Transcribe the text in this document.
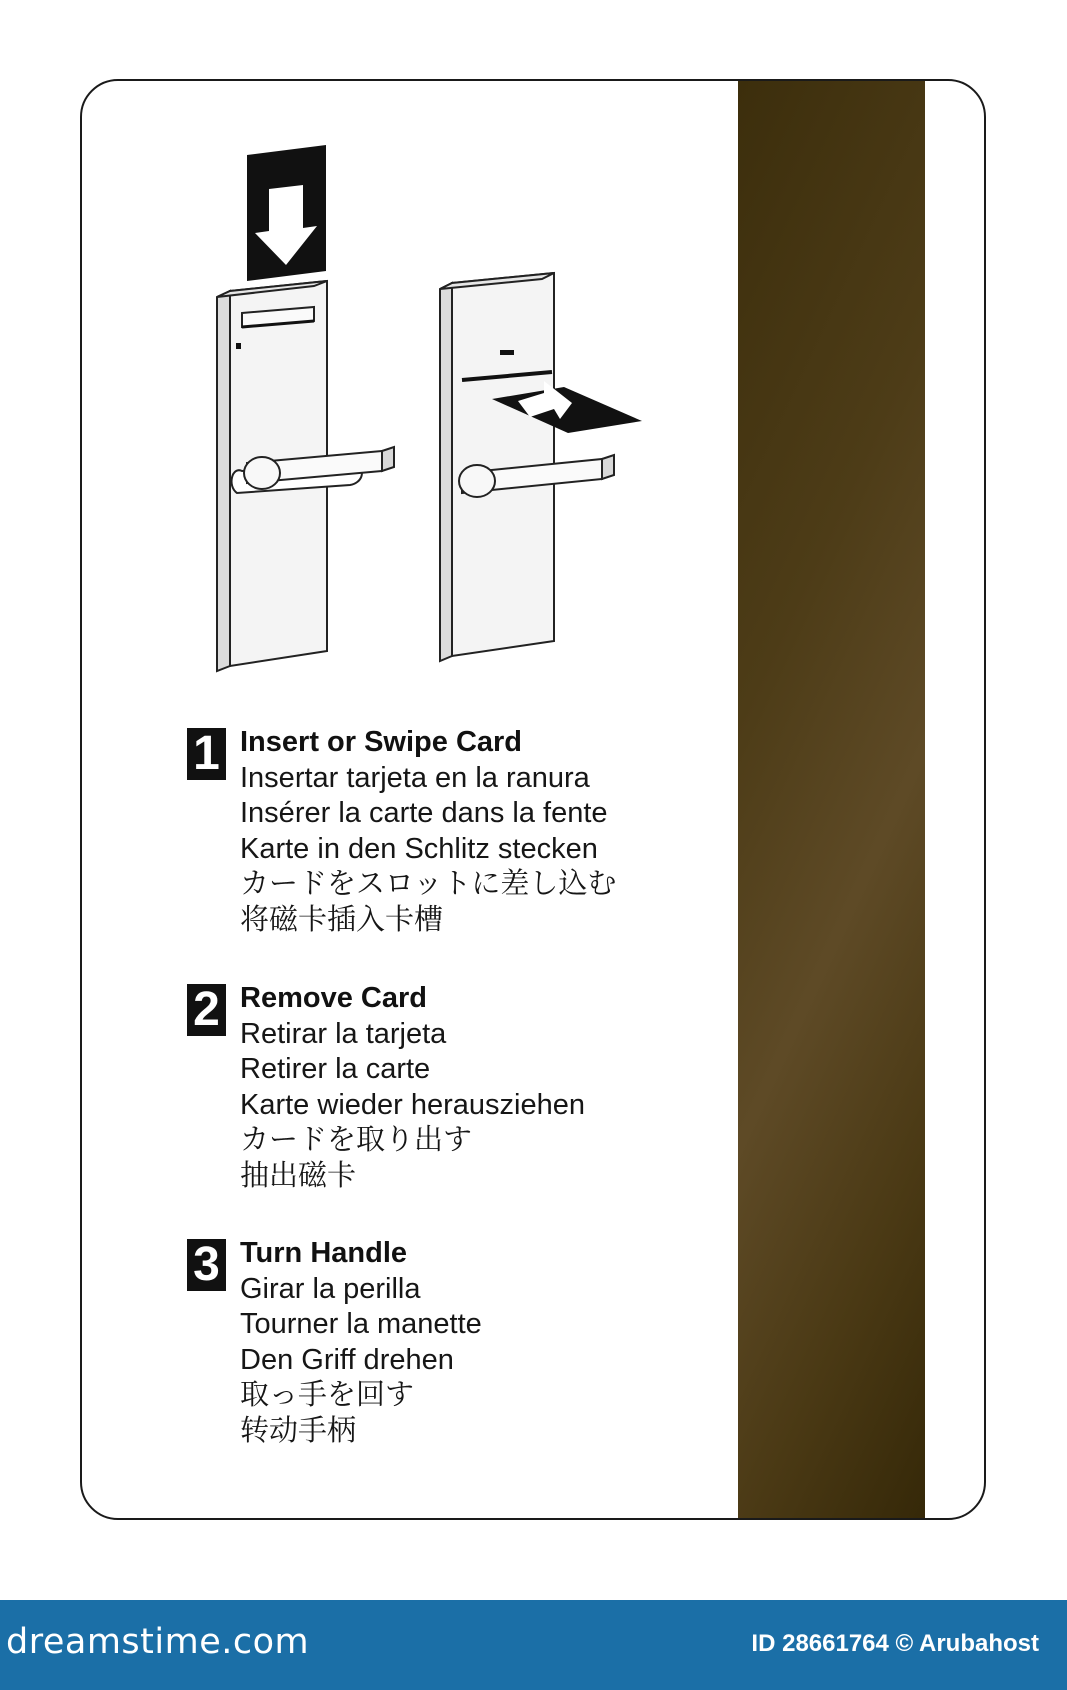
1 Insert or Swipe Card
Insertar tarjeta en la ranura
Insérer la carte dans la fente
Karte in den Schlitz stecken
カードをスロットに差し込む
将磁卡插入卡槽
2 Remove Card
Retirar la tarjeta
Retirer la carte
Karte wieder herausziehen
カードを取り出す
抽出磁卡
3 Turn Handle
Girar la perilla
Tourner la manette
Den Griff drehen
取っ手を回す
转动手柄
dreamstime.com	ID 28661764 © Arubahost
